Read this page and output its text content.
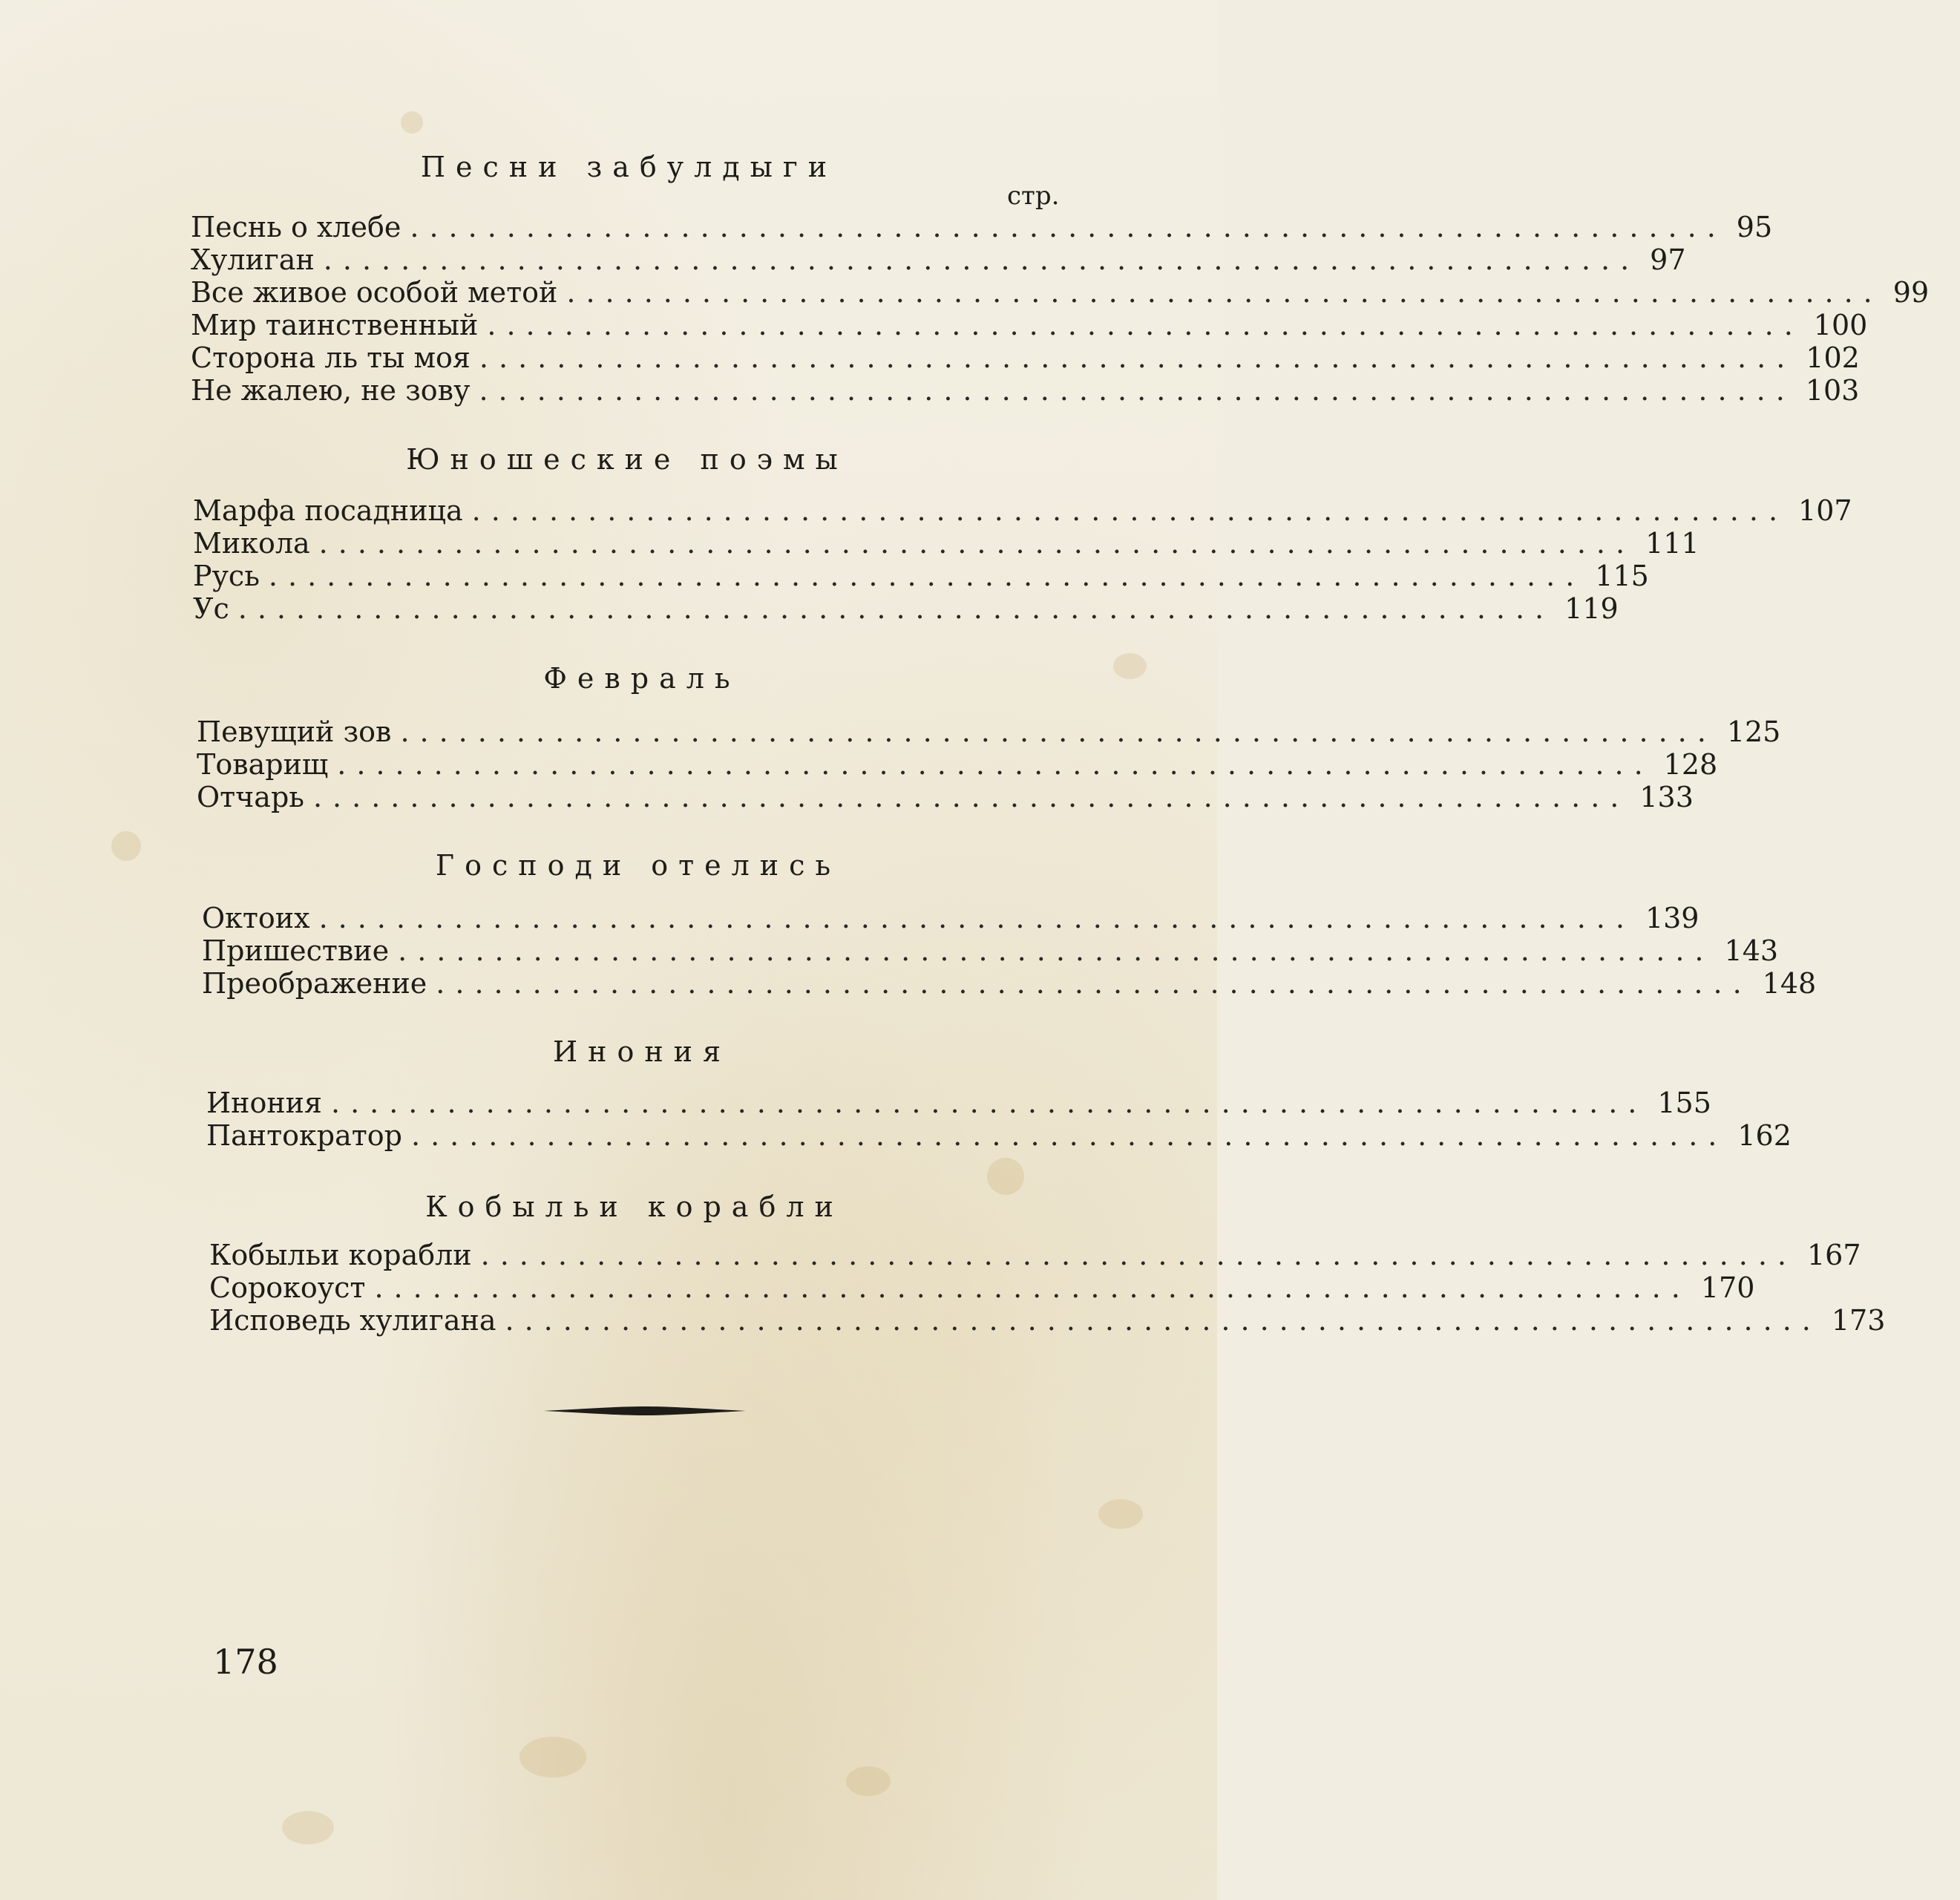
Песни забулдыги
стр.
Юношеские поэмы
Февраль
Господи отелись
Инония
Кобыльи корабли
Песнь о хлебе .................................................................... 95
Хулиган .................................................................... 97
Все живое особой метой .................................................................... 99
Мир таинственный .................................................................... 100
Сторона ль ты моя .................................................................... 102
Не жалею, не зову .................................................................... 103
Марфа посадница .................................................................... 107
Микола .................................................................... 111
Русь .................................................................... 115
Ус .................................................................... 119
Певущий зов .................................................................... 125
Товарищ .................................................................... 128
Отчарь .................................................................... 133
Октоих .................................................................... 139
Пришествие .................................................................... 143
Преображение .................................................................... 148
Инония .................................................................... 155
Пантократор .................................................................... 162
Кобыльи корабли .................................................................... 167
Сорокоуст .................................................................... 170
Исповедь хулигана .................................................................... 173
178
